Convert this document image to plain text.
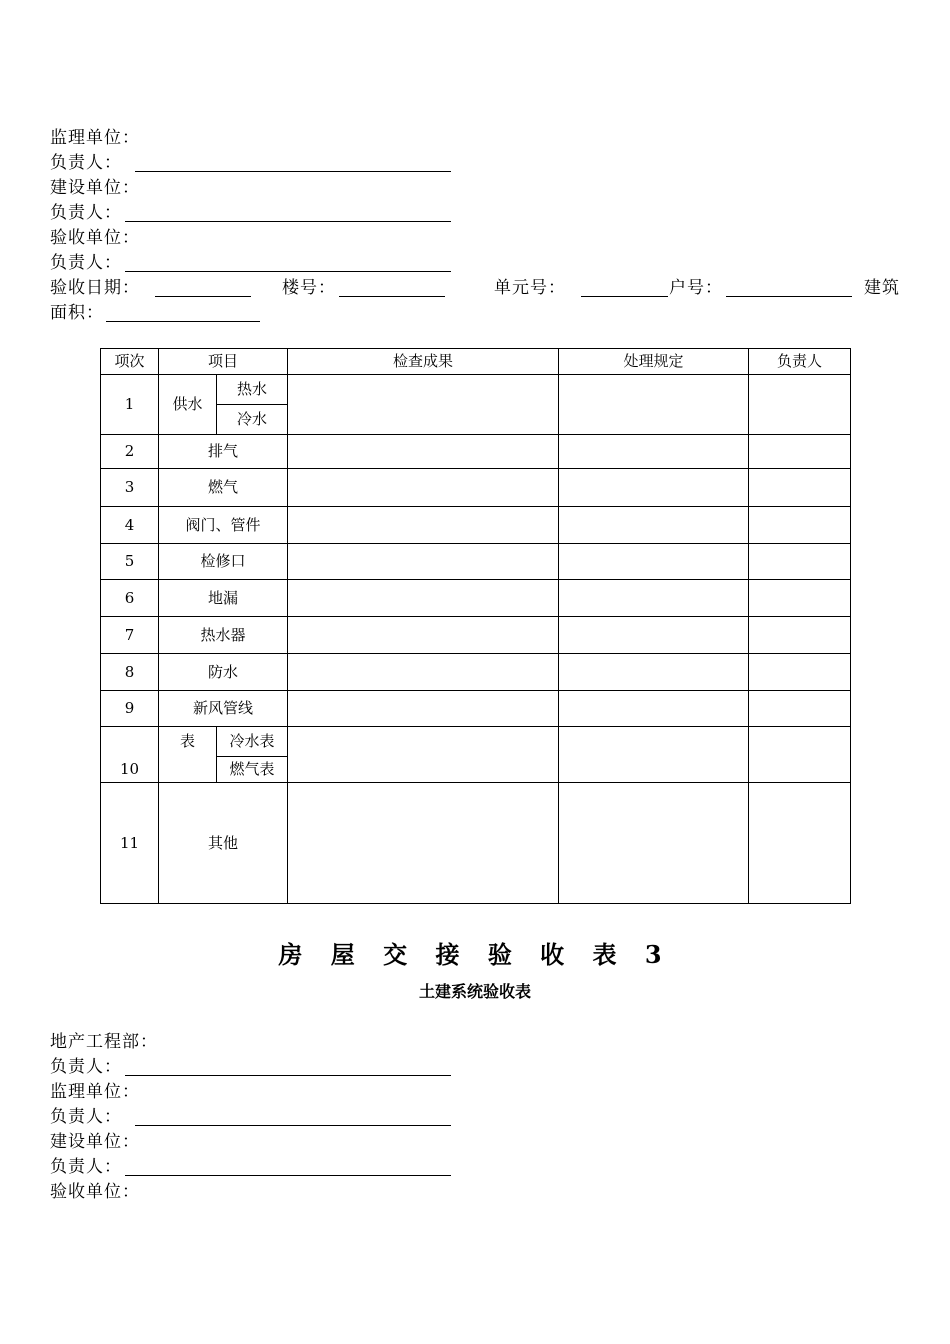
监理单位：
负责人：
建设单位：
负责人：
验收单位：
负责人：
验收日期：	楼号：	单元号：	户号：	建筑
面积：
项次	项目		检查成果	处理规定	负责人
1	供水	热水			
		冷水			
2	排气				
3	燃气				
4	阀门、管件				
5	检修口				
6	地漏				
7	热水器				
8	防水				
9	新风管线				
10	表	冷水表			
		燃气表			
11	其他				
房 屋 交 接 验 收 表 3
土建系统验收表
地产工程部：
负责人：
监理单位：
负责人：
建设单位：
负责人：
验收单位：
